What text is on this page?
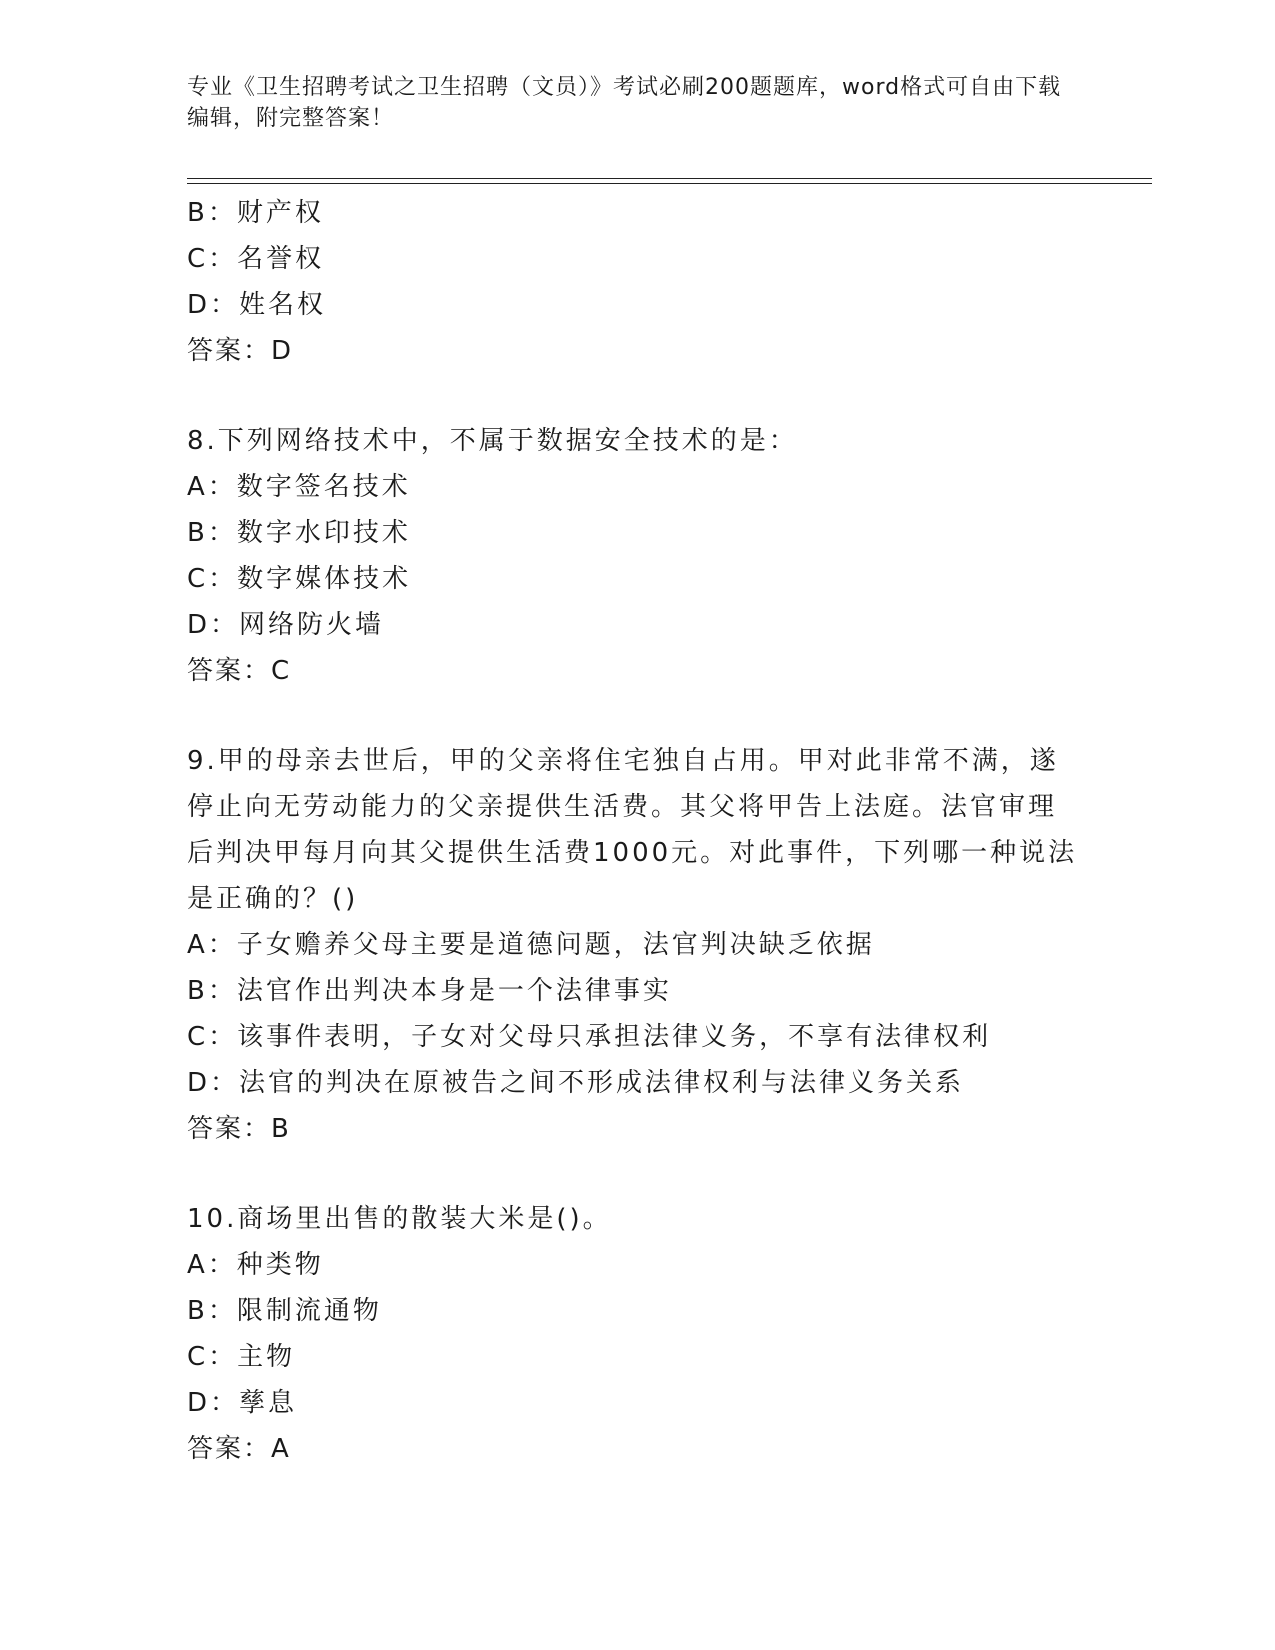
专业《卫生招聘考试之卫生招聘（文员）》考试必刷200题题库，word格式可自由下载编辑，附完整答案！
B：财产权
C：名誉权
D：姓名权
答案：D
8.下列网络技术中，不属于数据安全技术的是：
A：数字签名技术
B：数字水印技术
C：数字媒体技术
D：网络防火墙
答案：C
9.甲的母亲去世后，甲的父亲将住宅独自占用。甲对此非常不满，遂
停止向无劳动能力的父亲提供生活费。其父将甲告上法庭。法官审理
后判决甲每月向其父提供生活费1000元。对此事件，下列哪一种说法
是正确的？()
A：子女赡养父母主要是道德问题，法官判决缺乏依据
B：法官作出判决本身是一个法律事实
C：该事件表明，子女对父母只承担法律义务，不享有法律权利
D：法官的判决在原被告之间不形成法律权利与法律义务关系
答案：B
10.商场里出售的散装大米是()。
A：种类物
B：限制流通物
C：主物
D：孳息
答案：A
